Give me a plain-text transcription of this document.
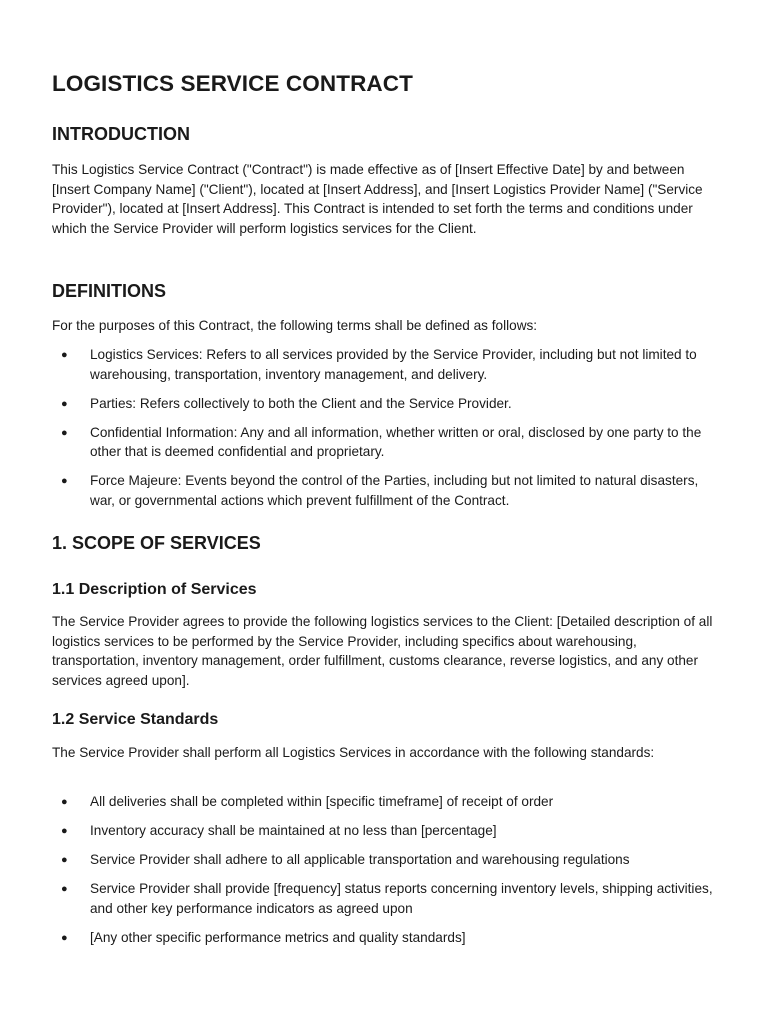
LOGISTICS SERVICE CONTRACT
INTRODUCTION

This Logistics Service Contract ("Contract") is made effective as of [Insert Effective Date] by and between [Insert Company Name] ("Client"), located at [Insert Address], and [Insert Logistics Provider Name] ("Service Provider"), located at [Insert Address]. This Contract is intended to set forth the terms and conditions under which the Service Provider will perform logistics services for the Client.

DEFINITIONS

For the purposes of this Contract, the following terms shall be defined as follows:

● Logistics Services: Refers to all services provided by the Service Provider, including but not limited to warehousing, transportation, inventory management, and delivery.
● Parties: Refers collectively to both the Client and the Service Provider.
● Confidential Information: Any and all information, whether written or oral, disclosed by one party to the other that is deemed confidential and proprietary.
● Force Majeure: Events beyond the control of the Parties, including but not limited to natural disasters, war, or governmental actions which prevent fulfillment of the Contract.
1. SCOPE OF SERVICES
1.1 Description of Services

The Service Provider agrees to provide the following logistics services to the Client: [Detailed description of all logistics services to be performed by the Service Provider, including specifics about warehousing, transportation, inventory management, order fulfillment, customs clearance, reverse logistics, and any other services agreed upon].

1.2 Service Standards

The Service Provider shall perform all Logistics Services in accordance with the following standards:

● All deliveries shall be completed within [specific timeframe] of receipt of order
● Inventory accuracy shall be maintained at no less than [percentage]
● Service Provider shall adhere to all applicable transportation and warehousing regulations
● Service Provider shall provide [frequency] status reports concerning inventory levels, shipping activities, and other key performance indicators as agreed upon
● [Any other specific performance metrics and quality standards]
